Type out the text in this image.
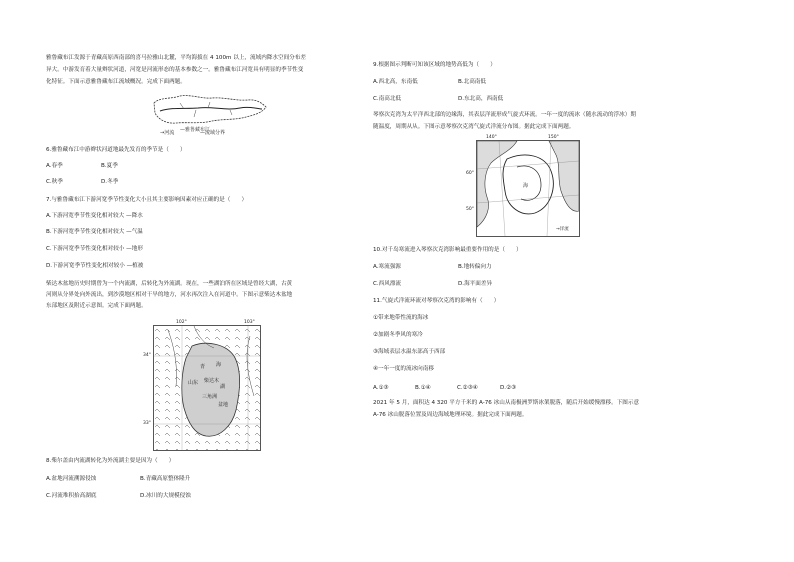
雅鲁藏布江发源于青藏高原西南部的喜马拉雅山北麓，平均海拔在 4 100m 以上，流域内降水空间分布差
异大。中游发育着大量辫状河道，河宽是河流形态的基本参数之一。雅鲁藏布江河宽具有明显的季节性变
化特征。下面示意雅鲁藏布江流域概况。完成下面两题。
—雅鲁藏布江
→河流	—流域分界
6.雅鲁藏布江中游辫状河道地最先发育的季节是（　　）
A.春季	B.夏季
C.秋季	D.冬季
7.与雅鲁藏布江下游河宽季节性变化大小且其主要影响因素对应正确的是（　　）
A.下游河宽季节性变化相对较大 —降水
B.下游河宽季节性变化相对较大 —气温
C.下游河宽季节性变化相对较小 —地形
D.下游河宽季节性变化相对较小 —植被
柴达木盆地历史时期曾为一个内流湖，后转化为外流湖。现在，一些湖泊所在区域是曾经大湖，古黄
河则从分界处向外流出，到沙漠地区相对干旱的地方，河水再次注入在河道中。下图示意柴达木盆地
东部地区及附近示意图。完成下面两题。
青 海
山东 柴达木
湖
三角洲
盆地
102°	103°
34°
33°
8.柴尔盖由内流湖转化为外流湖主要是因为（　　）
A.盆地河流溯源侵蚀	B.青藏高原整体隆升
C.河流堆积抬高湖底	D.冰川的大规模侵蚀
9.根据图示判断可知该区域的地势高低为（　　）
A.西北高，东南低	B.北高南低
C.南高北低	D.东北高，西南低
琴察次克湾为太平洋西北部的边缘海，其表层洋流形成气旋式环流。一年一度的流冰（随水流动的浮冰）期
随温度，周期从从。下图示意琴察次克湾气旋式洋流分布图。据此完成下面两题。
海
140°	150°
60°
50°
→洋流
10.对千岛寒流进入琴察次克湾影响最重要作用的是（　　）
A.寒流强源	B.地转偏向力
C.西风漂流	D.海平面差异
11.气旋式洋流环流对琴察次克湾的影响有（　　）
①带来地带性流的海冰
②加剧冬季风的寒冷
③海域表层水温东部高于西部
④一年一度的流冰向南移
A.①③	B.①④	C.②③④	D.②③
2021 年 5 月，面积达 4 320 平方千米的 A-76 冰山从南极洲罗斯冰架脱落，随后开始缓慢漂移。下图示意
A-76 冰山脱落位置及周边海域地理环境。据此完成下面两题。
